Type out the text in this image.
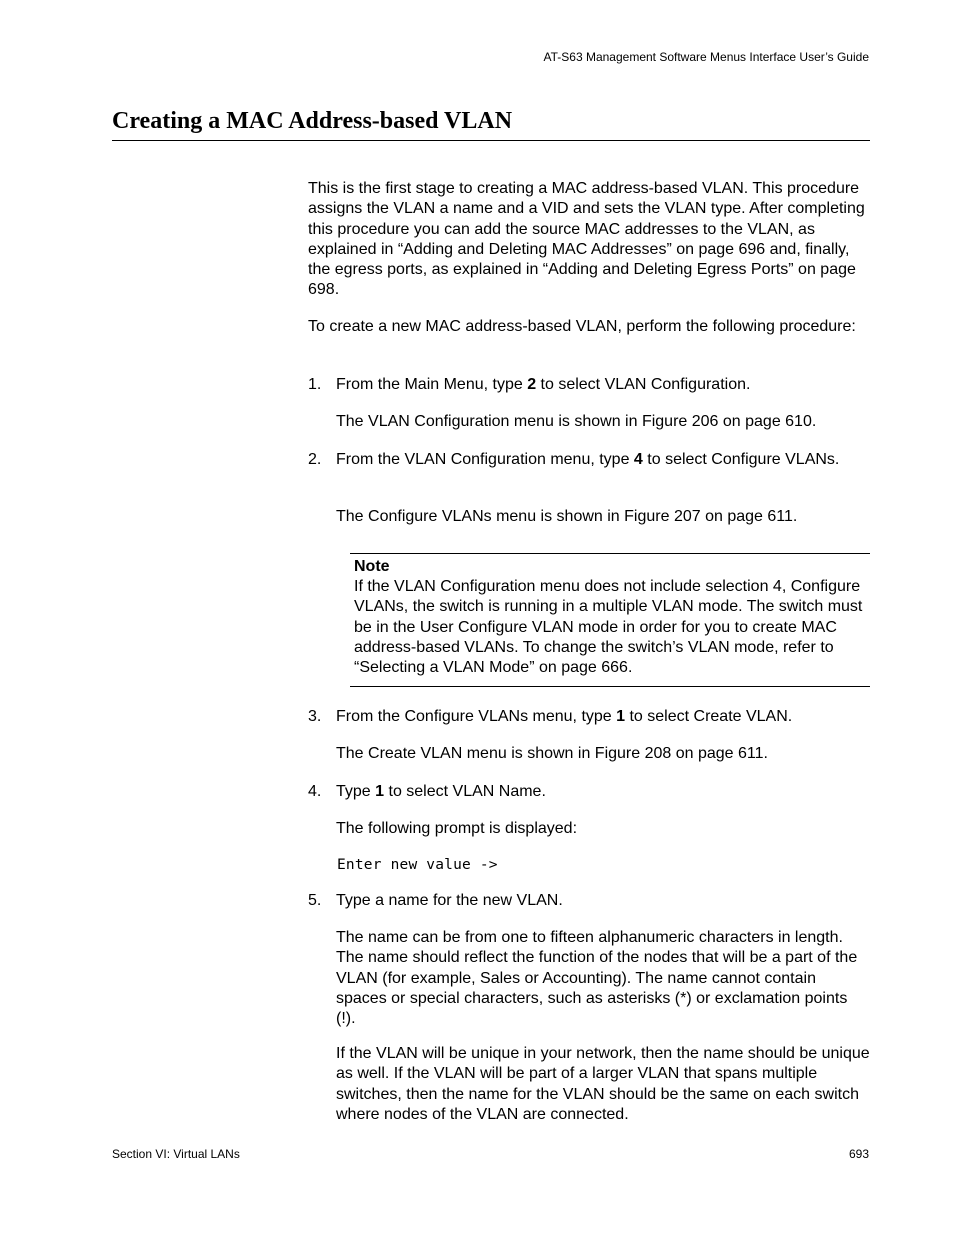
AT-S63 Management Software Menus Interface User’s Guide
Creating a MAC Address-based VLAN

This is the first stage to creating a MAC address-based VLAN. This procedure assigns the VLAN a name and a VID and sets the VLAN type. After completing this procedure you can add the source MAC addresses to the VLAN, as explained in “Adding and Deleting MAC Addresses” on page 696 and, finally, the egress ports, as explained in “Adding and Deleting Egress Ports” on page 698.

To create a new MAC address-based VLAN, perform the following procedure:

1. From the Main Menu, type 2 to select VLAN Configuration.

The VLAN Configuration menu is shown in Figure 206 on page 610.

2. From the VLAN Configuration menu, type 4 to select Configure VLANs.

The Configure VLANs menu is shown in Figure 207 on page 611.

Note

If the VLAN Configuration menu does not include selection 4, Configure VLANs, the switch is running in a multiple VLAN mode. The switch must be in the User Configure VLAN mode in order for you to create MAC address-based VLANs. To change the switch’s VLAN mode, refer to “Selecting a VLAN Mode” on page 666.

3. From the Configure VLANs menu, type 1 to select Create VLAN.

The Create VLAN menu is shown in Figure 208 on page 611.

4. Type 1 to select VLAN Name.

The following prompt is displayed:

Enter new value ->
5. Type a name for the new VLAN.

The name can be from one to fifteen alphanumeric characters in length. The name should reflect the function of the nodes that will be a part of the VLAN (for example, Sales or Accounting). The name cannot contain spaces or special characters, such as asterisks (*) or exclamation points (!).

If the VLAN will be unique in your network, then the name should be unique as well. If the VLAN will be part of a larger VLAN that spans multiple switches, then the name for the VLAN should be the same on each switch where nodes of the VLAN are connected.

Section VI: Virtual LANs	693
